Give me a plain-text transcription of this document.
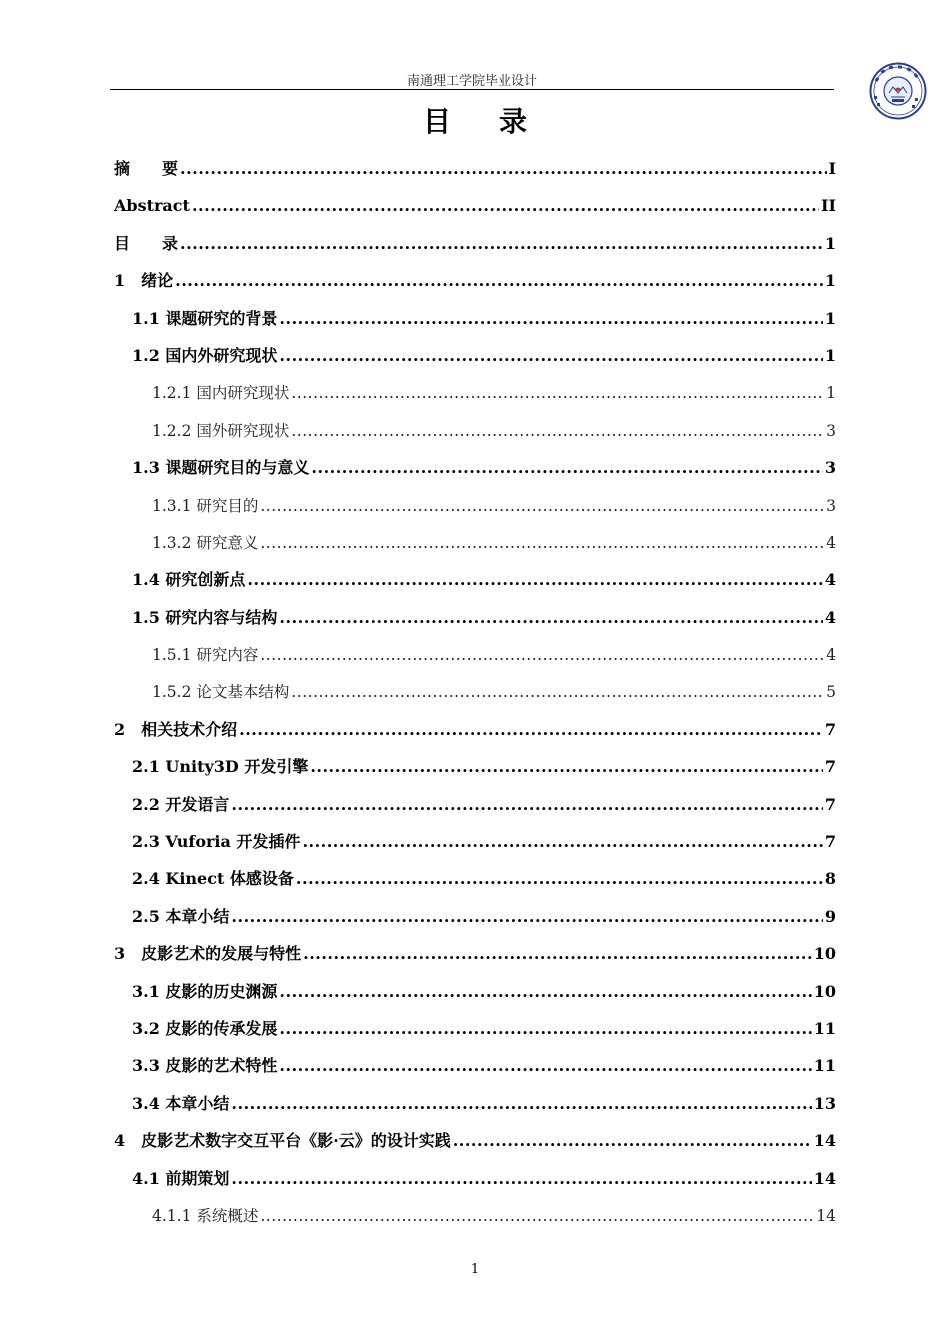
南通理工学院毕业设计
目录
摘　　要 .....	I
Abstract .....	II
目　　录 .....	1
1　绪论 .....	1
1.1 课题研究的背景 .....	1
1.2 国内外研究现状 .....	1
1.2.1 国内研究现状 .....	1
1.2.2 国外研究现状 .....	3
1.3 课题研究目的与意义 .....	3
1.3.1 研究目的 .....	3
1.3.2 研究意义 .....	4
1.4 研究创新点 .....	4
1.5 研究内容与结构 .....	4
1.5.1 研究内容 .....	4
1.5.2 论文基本结构 .....	5
2　相关技术介绍 .....	7
2.1 Unity3D 开发引擎 .....	7
2.2 开发语言 .....	7
2.3 Vuforia 开发插件 .....	7
2.4 Kinect 体感设备 .....	8
2.5 本章小结 .....	9
3　皮影艺术的发展与特性 .....	10
3.1 皮影的历史渊源 .....	10
3.2 皮影的传承发展 .....	11
3.3 皮影的艺术特性 .....	11
3.4 本章小结 .....	13
4　皮影艺术数字交互平台《影·云》的设计实践 .....	14
4.1 前期策划 .....	14
4.1.1 系统概述 .....	14
1
